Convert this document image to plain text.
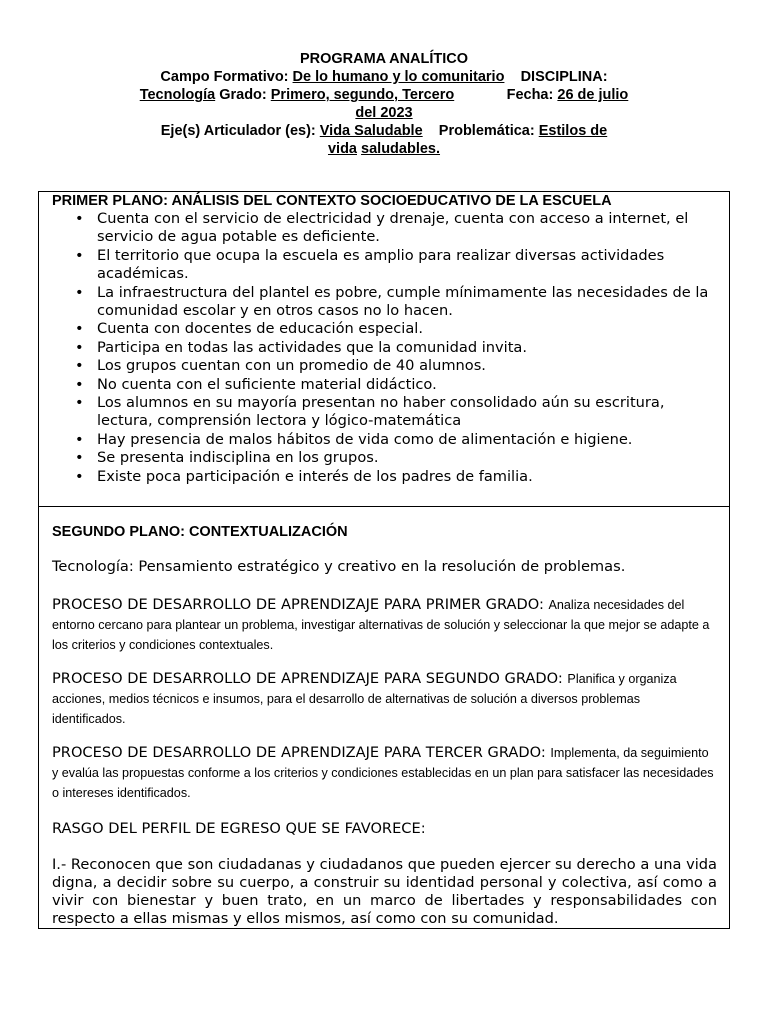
PROGRAMA ANALÍTICO
Campo Formativo: De lo humano y lo comunitario DISCIPLINA:
Tecnología Grado: Primero, segundo, Tercero	Fecha: 26 de julio
del 2023
Eje(s) Articulador (es): Vida Saludable Problemática: Estilos de
vida saludables.
PRIMER PLANO: ANÁLISIS DEL CONTEXTO SOCIOEDUCATIVO DE LA ESCUELA
• Cuenta con el servicio de electricidad y drenaje, cuenta con acceso a internet, el servicio de agua potable es deficiente.
• El territorio que ocupa la escuela es amplio para realizar diversas actividades académicas.
• La infraestructura del plantel es pobre, cumple mínimamente las necesidades de la comunidad escolar y en otros casos no lo hacen.
• Cuenta con docentes de educación especial.
• Participa en todas las actividades que la comunidad invita.
• Los grupos cuentan con un promedio de 40 alumnos.
• No cuenta con el suficiente material didáctico.
• Los alumnos en su mayoría presentan no haber consolidado aún su escritura, lectura, comprensión lectora y lógico-matemática
• Hay presencia de malos hábitos de vida como de alimentación e higiene.
• Se presenta indisciplina en los grupos.
• Existe poca participación e interés de los padres de familia.
SEGUNDO PLANO: CONTEXTUALIZACIÓN
Tecnología: Pensamiento estratégico y creativo en la resolución de problemas.
PROCESO DE DESARROLLO DE APRENDIZAJE PARA PRIMER GRADO: Analiza necesidades del entorno cercano para plantear un problema, investigar alternativas de solución y seleccionar la que mejor se adapte a los criterios y condiciones contextuales.
PROCESO DE DESARROLLO DE APRENDIZAJE PARA SEGUNDO GRADO: Planifica y organiza acciones, medios técnicos e insumos, para el desarrollo de alternativas de solución a diversos problemas identificados.
PROCESO DE DESARROLLO DE APRENDIZAJE PARA TERCER GRADO: Implementa, da seguimiento y evalúa las propuestas conforme a los criterios y condiciones establecidas en un plan para satisfacer las necesidades o intereses identificados.
RASGO DEL PERFIL DE EGRESO QUE SE FAVORECE:
I.- Reconocen que son ciudadanas y ciudadanos que pueden ejercer su derecho a una vida digna, a decidir sobre su cuerpo, a construir su identidad personal y colectiva, así como a vivir con bienestar y buen trato, en un marco de libertades y responsabilidades con respecto a ellas mismas y ellos mismos, así como con su comunidad.
